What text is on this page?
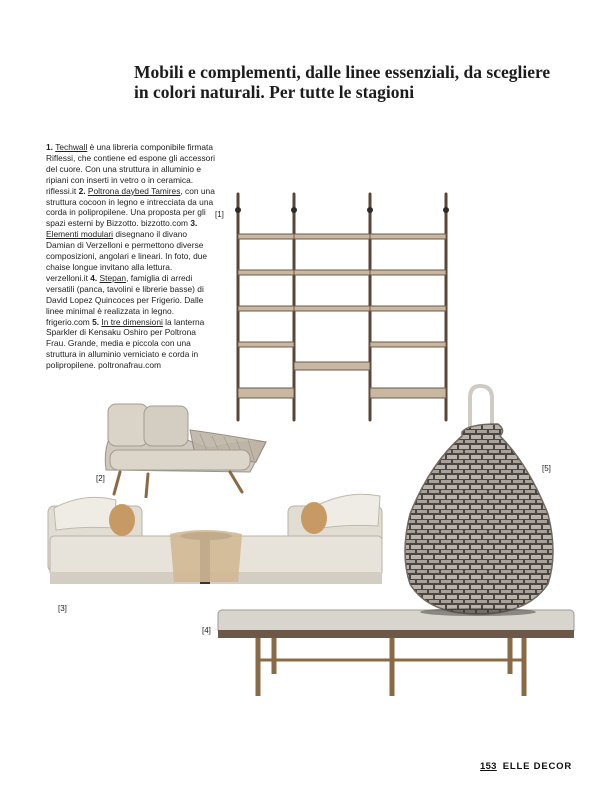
Mobili e complementi, dalle linee essenziali, da scegliere
in colori naturali. Per tutte le stagioni
1. Techwall è una libreria componibile firmata Riflessi, che contiene ed espone gli accessori del cuore. Con una struttura in alluminio e ripiani con inserti in vetro o in ceramica. riflessi.it 2. Poltrona daybed Tamires, con una struttura cocoon in legno e intrecciata da una corda in polipropilene. Una proposta per gli spazi esterni by Bizzotto. bizzotto.com 3. Elementi modulari disegnano il divano Damian di Verzelloni e permettono diverse composizioni, angolari e lineari. In foto, due chaise longue invitano alla lettura. verzelloni.it 4. Stepan, famiglia di arredi versatili (panca, tavolini e librerie basse) di David Lopez Quincoces per Frigerio. Dalle linee minimal è realizzata in legno. frigerio.com 5. In tre dimensioni la lanterna Sparkler di Kensaku Oshiro per Poltrona Frau. Grande, media e piccola con una struttura in alluminio verniciato e corda in polipropilene. poltronafrau.com
[1]
[2]
[3]
[4]
[5]
153 ELLE DECOR
